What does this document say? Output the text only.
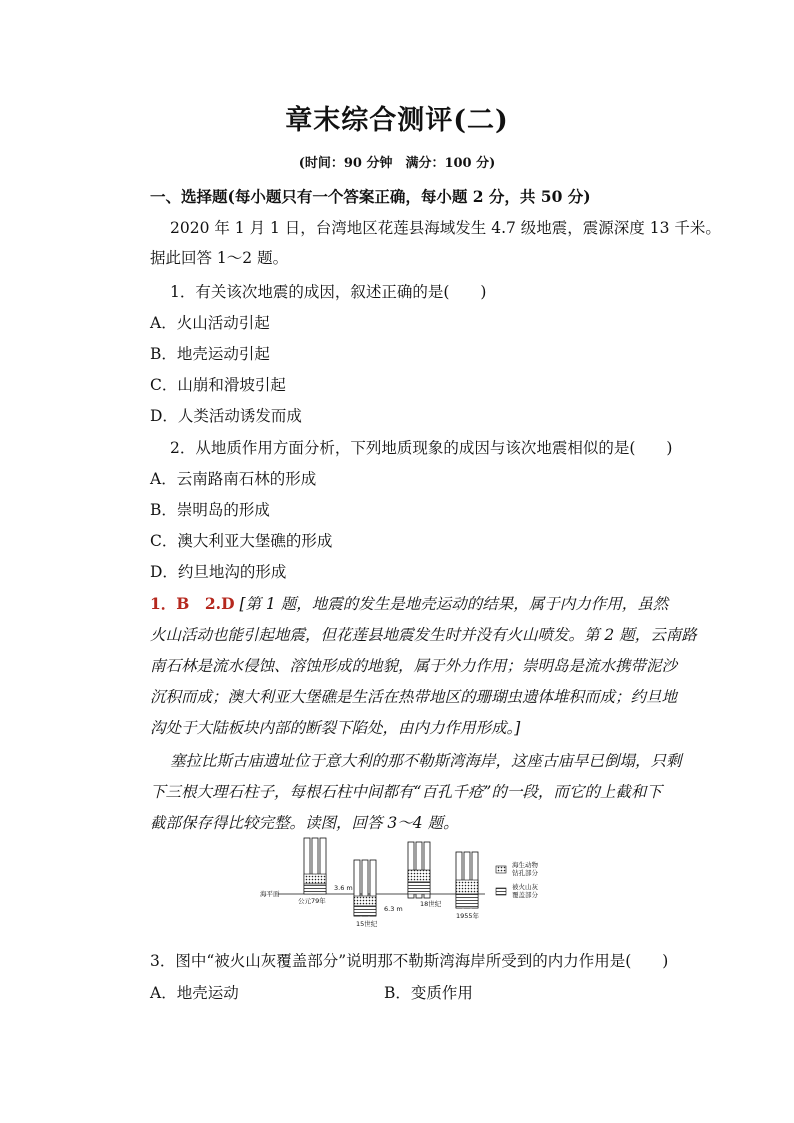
章末综合测评(二)
(时间：90 分钟　满分：100 分)
一、选择题(每小题只有一个答案正确，每小题 2 分，共 50 分)
2020 年 1 月 1 日，台湾地区花莲县海域发生 4.7 级地震，震源深度 13 千米。
据此回答 1～2 题。
1．有关该次地震的成因，叙述正确的是(　　)
A．火山活动引起
B．地壳运动引起
C．山崩和滑坡引起
D．人类活动诱发而成
2．从地质作用方面分析，下列地质现象的成因与该次地震相似的是(　　)
A．云南路南石林的形成
B．崇明岛的形成
C．澳大利亚大堡礁的形成
D．约旦地沟的形成
1．B　2.D [第 1 题，地震的发生是地壳运动的结果，属于内力作用，虽然
火山活动也能引起地震，但花莲县地震发生时并没有火山喷发。第 2 题，云南路
南石林是流水侵蚀、溶蚀形成的地貌，属于外力作用；崇明岛是流水携带泥沙
沉积而成；澳大利亚大堡礁是生活在热带地区的珊瑚虫遗体堆积而成；约旦地
沟处于大陆板块内部的断裂下陷处，由内力作用形成。]
塞拉比斯古庙遗址位于意大利的那不勒斯湾海岸，这座古庙早已倒塌，只剩
下三根大理石柱子，每根石柱中间都有“百孔千疮”的一段，而它的上截和下
截部保存得比较完整。读图，回答 3～4 题。
海平面
公元79年
3.6 m
15世纪
6.3 m
18世纪
1955年
海生动物
钻孔部分
被火山灰
覆盖部分
3．图中“被火山灰覆盖部分”说明那不勒斯湾海岸所受到的内力作用是(　　)
A．地壳运动	B．变质作用
